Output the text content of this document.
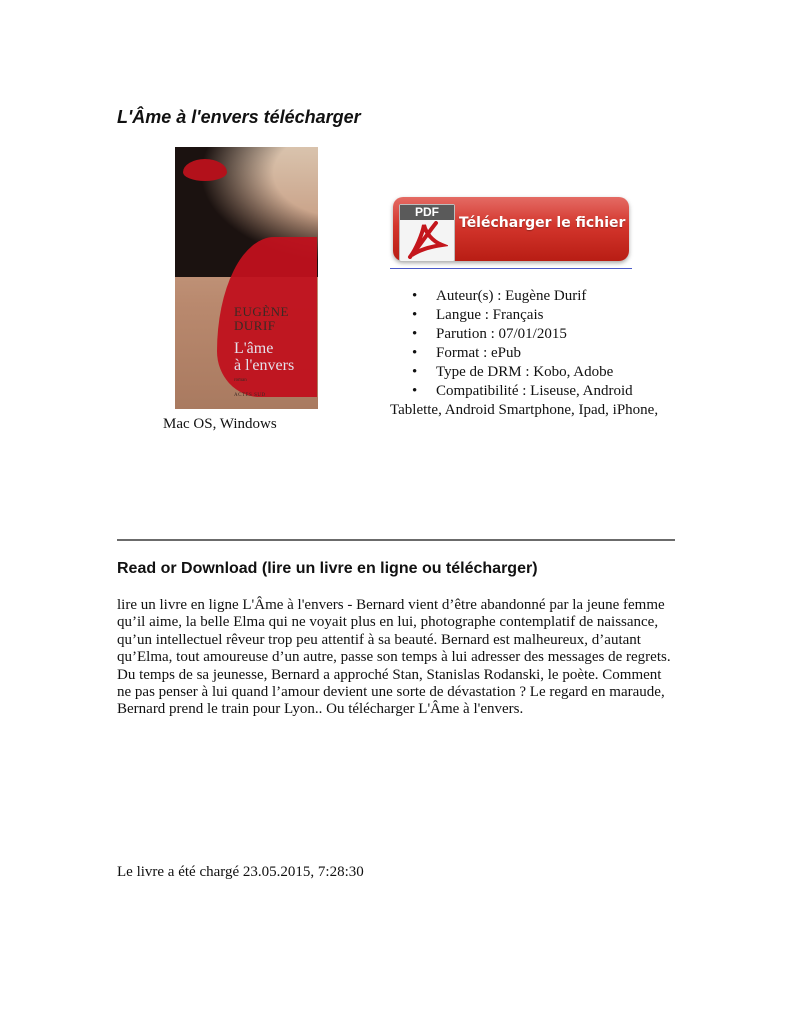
L'Âme à l'envers télécharger
EUGÈNE
DURIF
L'âme
à l'envers
roman
ACTES SUD
PDF
Télécharger le fichier
• Auteur(s) : Eugène Durif
• Langue : Français
• Parution : 07/01/2015
• Format : ePub
• Type de DRM : Kobo, Adobe
• Compatibilité : Liseuse, Android
Tablette, Android Smartphone, Ipad, iPhone,
Mac OS, Windows
Read or Download (lire un livre en ligne ou télécharger)

lire un livre en ligne L'Âme à l'envers - Bernard vient d’être abandonné par la jeune femme qu’il aime, la belle Elma qui ne voyait plus en lui, photographe contemplatif de naissance, qu’un intellectuel rêveur trop peu attentif à sa beauté. Bernard est malheureux, d’autant qu’Elma, tout amoureuse d’un autre, passe son temps à lui adresser des messages de regrets. Du temps de sa jeunesse, Bernard a approché Stan, Stanislas Rodanski, le poète. Comment ne pas penser à lui quand l’amour devient une sorte de dévastation ? Le regard en maraude, Bernard prend le train pour Lyon.. Ou télécharger L'Âme à l'envers.

Le livre a été chargé 23.05.2015, 7:28:30
